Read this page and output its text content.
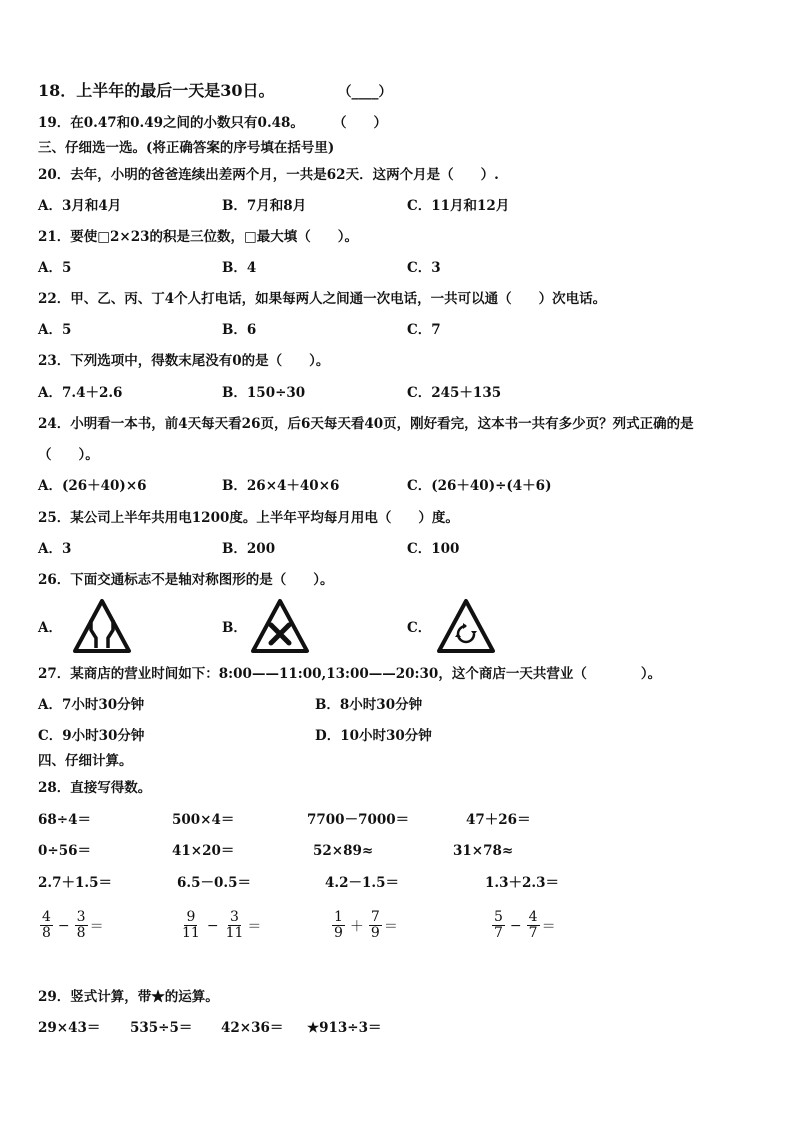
18．上半年的最后一天是30日。	（____）
19．在0.47和0.49之间的小数只有0.48。 （　　）
三、仔细选一选。(将正确答案的序号填在括号里)
20．去年，小明的爸爸连续出差两个月，一共是62天．这两个月是（　　）.
A．3月和4月	B．7月和8月	C．11月和12月
21．要使□2×23的积是三位数，□最大填（　　）。
A．5	B．4	C．3
22．甲、乙、丙、丁4个人打电话，如果每两人之间通一次电话，一共可以通（　　）次电话。
A．5	B．6	C．7
23．下列选项中，得数末尾没有0的是（　　）。
A．7.4＋2.6	B．150÷30	C．245＋135
24．小明看一本书，前4天每天看26页，后6天每天看40页，刚好看完，这本书一共有多少页？列式正确的是
（　　）。
A．(26＋40)×6	B．26×4＋40×6	C．(26＋40)÷(4＋6)
25．某公司上半年共用电1200度。上半年平均每月用电（　　）度。
A．3	B．200	C．100
26．下面交通标志不是轴对称图形的是（　　）。
A．	B．	C．
27．某商店的营业时间如下：8:00——11:00,13:00——20:30，这个商店一天共营业（　　　　）。
A．7小时30分钟	B．8小时30分钟
C．9小时30分钟	D．10小时30分钟
四、仔细计算。
28．直接写得数。
68÷4＝	500×4＝	7700－7000＝	47＋26＝
0÷56＝	41×20＝	52×89≈	31×78≈
2.7＋1.5＝	6.5－0.5＝	4.2－1.5＝	1.3＋2.3＝
$\frac{4}{8} - \frac{3}{8}$ ＝	$\frac{9}{11} - \frac{3}{11}$ ＝	$\frac{1}{9} + \frac{7}{9}$ ＝	$\frac{5}{7} - \frac{4}{7}$ ＝
29．竖式计算，带★的运算。
29×43＝ 535÷5＝ 42×36＝ ★913÷3＝
